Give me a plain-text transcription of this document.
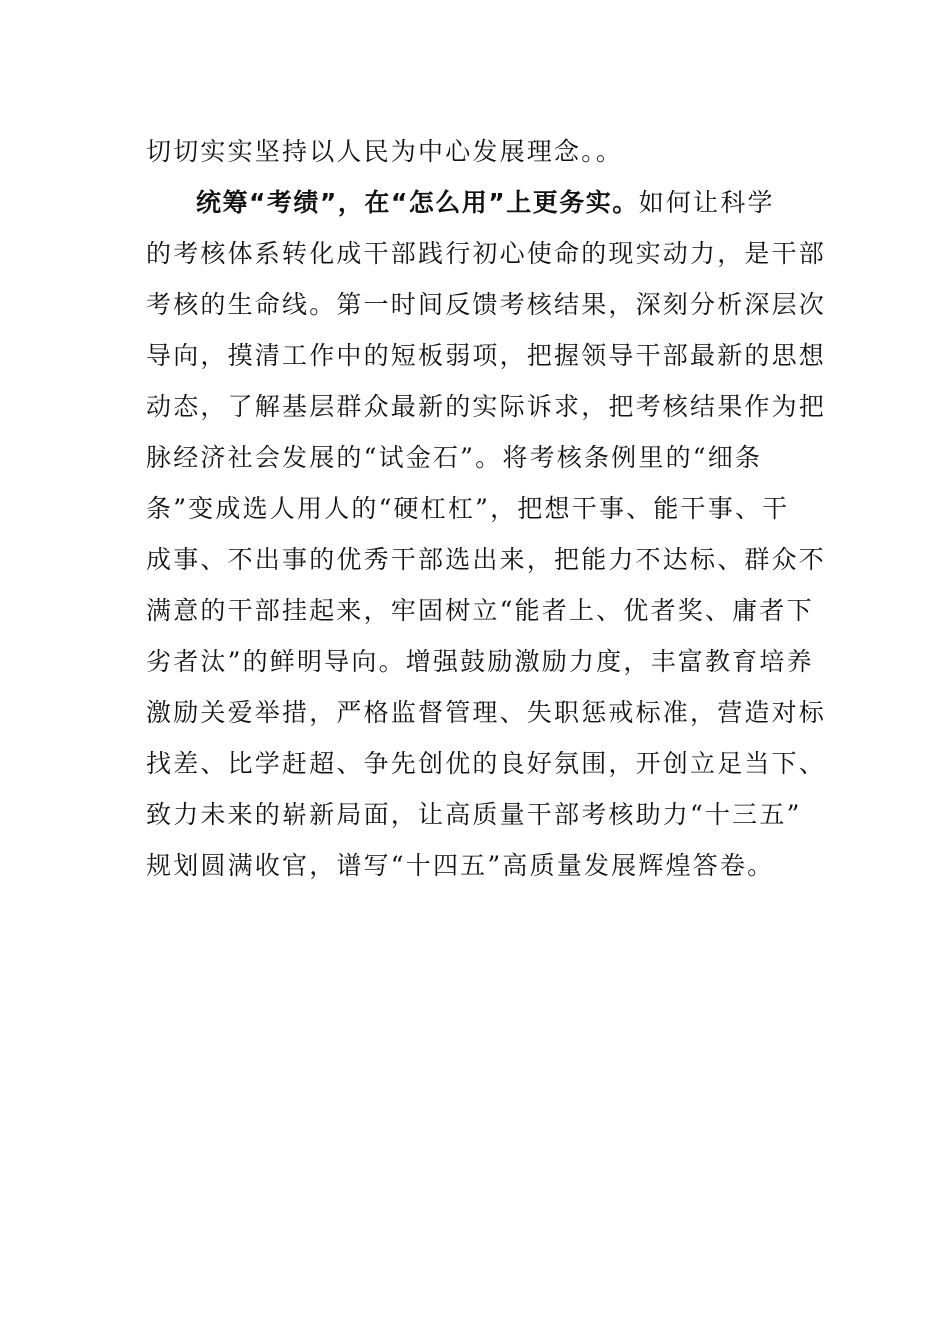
切切实实坚持以人民为中心发展理念。。
统筹“考绩”，在“怎么用”上更务实。如何让科学
的考核体系转化成干部践行初心使命的现实动力，是干部
考核的生命线。第一时间反馈考核结果，深刻分析深层次
导向，摸清工作中的短板弱项，把握领导干部最新的思想
动态，了解基层群众最新的实际诉求，把考核结果作为把
脉经济社会发展的“试金石”。将考核条例里的“细条
条”变成选人用人的“硬杠杠”，把想干事、能干事、干
成事、不出事的优秀干部选出来，把能力不达标、群众不
满意的干部挂起来，牢固树立“能者上、优者奖、庸者下
劣者汰”的鲜明导向。增强鼓励激励力度，丰富教育培养
激励关爱举措，严格监督管理、失职惩戒标准，营造对标
找差、比学赶超、争先创优的良好氛围，开创立足当下、
致力未来的崭新局面，让高质量干部考核助力“十三五”
规划圆满收官，谱写“十四五”高质量发展辉煌答卷。
